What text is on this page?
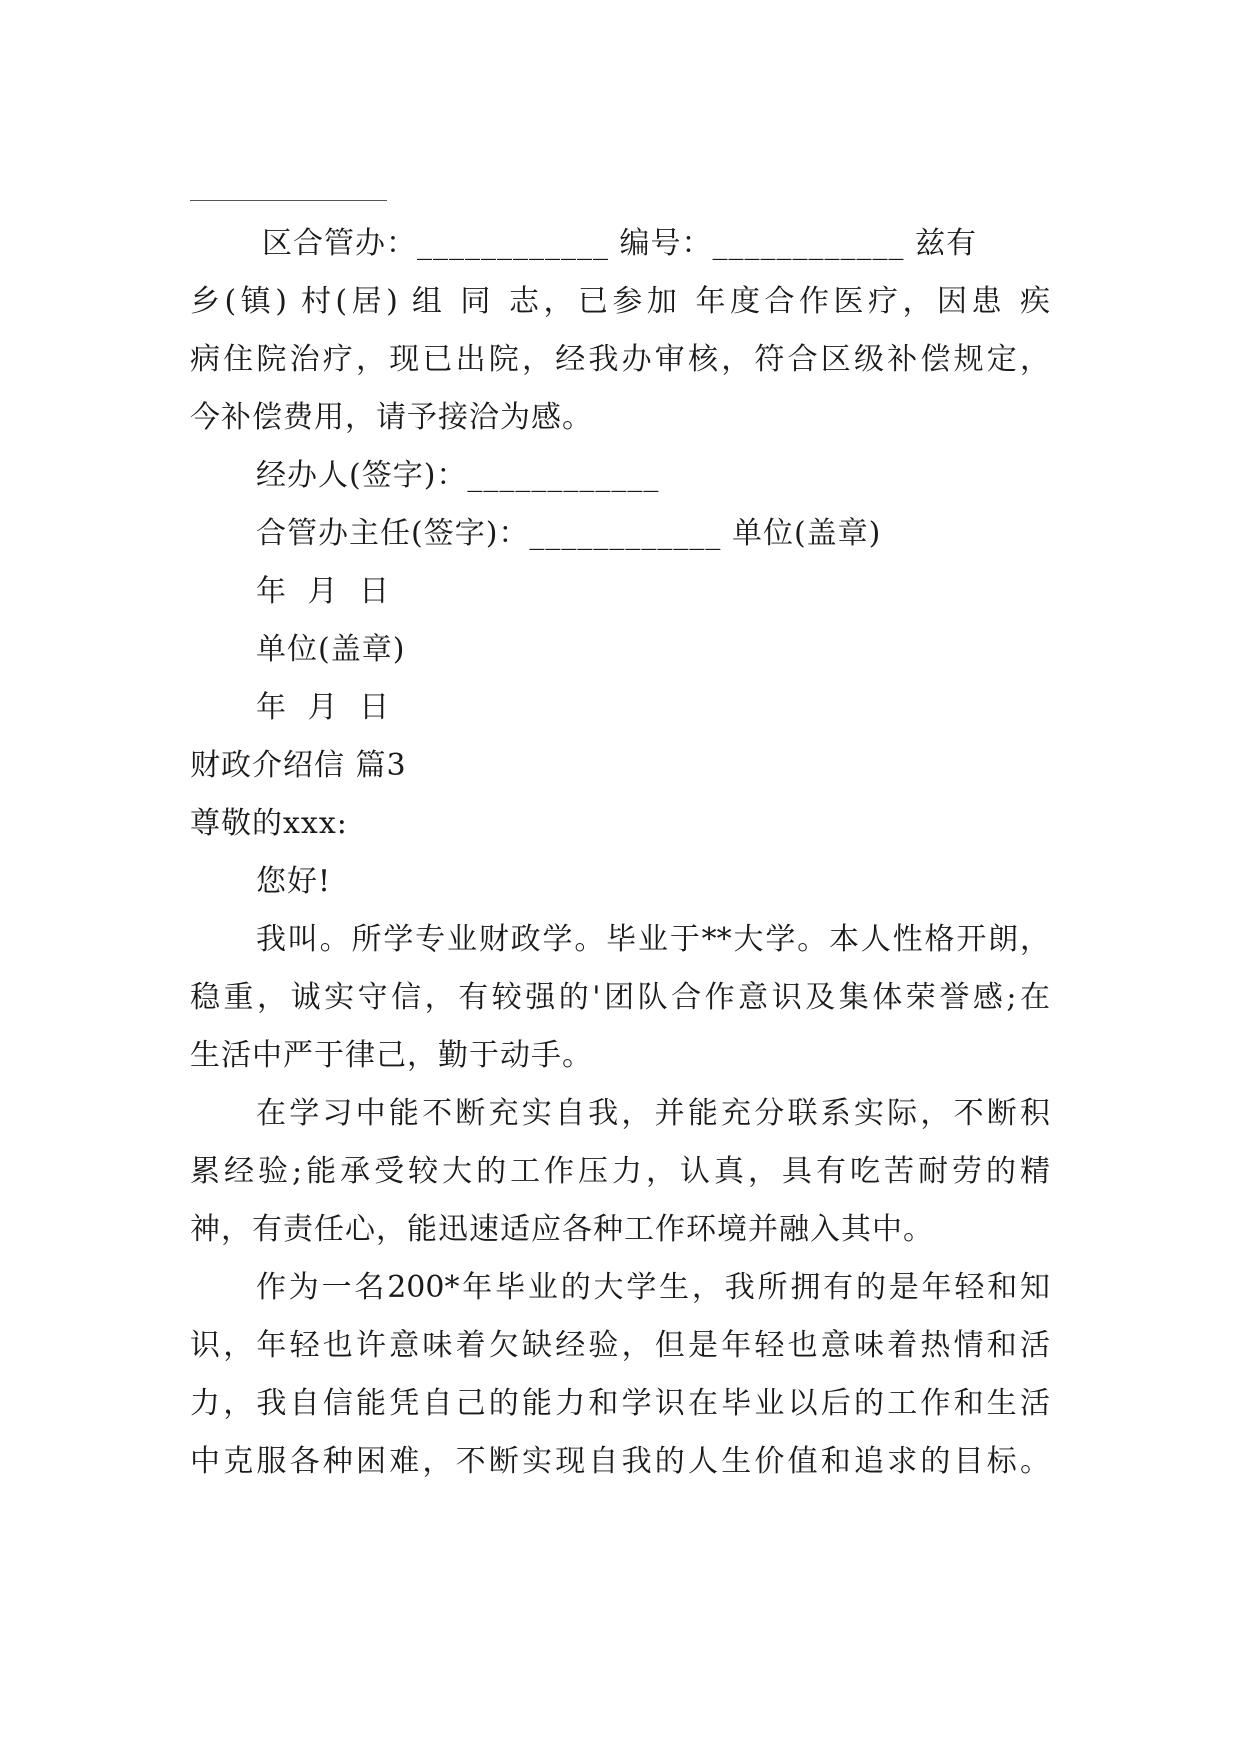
区合管办：____________ 编号：____________ 兹有
乡(镇) 村(居) 组 同 志，已参加 年度合作医疗，因患 疾
病住院治疗，现已出院，经我办审核，符合区级补偿规定，
今补偿费用，请予接洽为感。
经办人(签字)：____________
合管办主任(签字)：____________ 单位(盖章)
年 月 日
单位(盖章)
年 月 日
财政介绍信 篇3
尊敬的xxx:
您好!
我叫。所学专业财政学。毕业于**大学。本人性格开朗，
稳重，诚实守信，有较强的'团队合作意识及集体荣誉感;在
生活中严于律己，勤于动手。
在学习中能不断充实自我，并能充分联系实际，不断积
累经验;能承受较大的工作压力，认真，具有吃苦耐劳的精
神，有责任心，能迅速适应各种工作环境并融入其中。
作为一名200*年毕业的大学生，我所拥有的是年轻和知
识，年轻也许意味着欠缺经验，但是年轻也意味着热情和活
力，我自信能凭自己的能力和学识在毕业以后的工作和生活
中克服各种困难，不断实现自我的人生价值和追求的目标。
